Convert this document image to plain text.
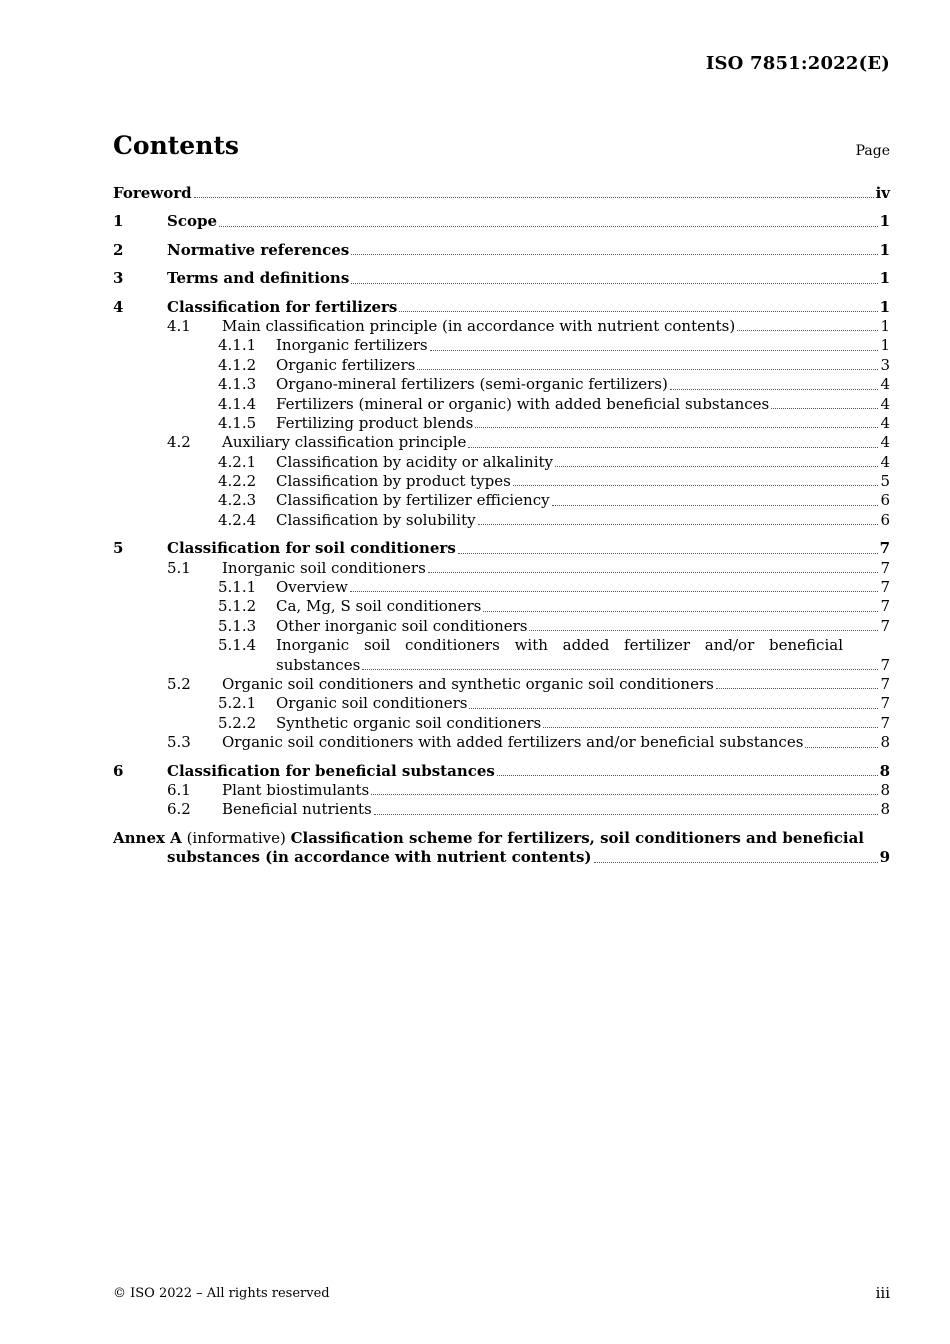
ISO 7851:2022(E)
Contents	Page
Foreword	iv
1	Scope	1
2	Normative references	1
3	Terms and definitions	1
4	Classification for fertilizers	1
4.1	Main classification principle (in accordance with nutrient contents)	1
4.1.1	Inorganic fertilizers	1
4.1.2	Organic fertilizers	3
4.1.3	Organo-mineral fertilizers (semi-organic fertilizers)	4
4.1.4	Fertilizers (mineral or organic) with added beneficial substances	4
4.1.5	Fertilizing product blends	4
4.2	Auxiliary classification principle	4
4.2.1	Classification by acidity or alkalinity	4
4.2.2	Classification by product types	5
4.2.3	Classification by fertilizer efficiency	6
4.2.4	Classification by solubility	6
5	Classification for soil conditioners	7
5.1	Inorganic soil conditioners	7
5.1.1	Overview	7
5.1.2	Ca, Mg, S soil conditioners	7
5.1.3	Other inorganic soil conditioners	7
5.1.4	Inorganic soil conditioners with added fertilizer and/or beneficial
substances	7
5.2	Organic soil conditioners and synthetic organic soil conditioners	7
5.2.1	Organic soil conditioners	7
5.2.2	Synthetic organic soil conditioners	7
5.3	Organic soil conditioners with added fertilizers and/or beneficial substances	8
6	Classification for beneficial substances	8
6.1	Plant biostimulants	8
6.2	Beneficial nutrients	8
Annex A (informative) Classification scheme for fertilizers, soil conditioners and beneficial
substances (in accordance with nutrient contents)	9
© ISO 2022 – All rights reserved	iii
